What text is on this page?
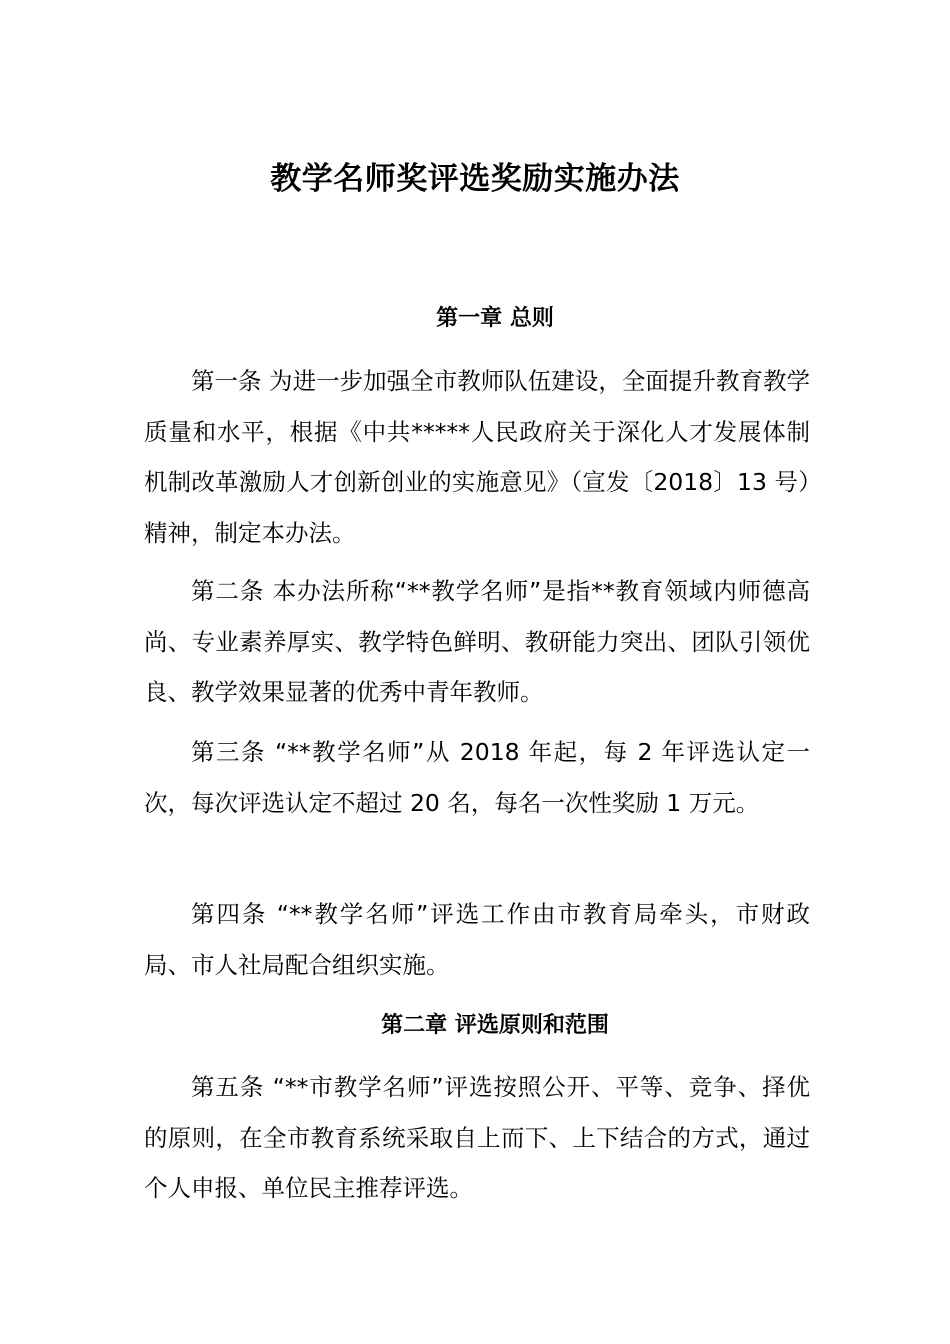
教学名师奖评选奖励实施办法
第一章 总则

第一条 为进一步加强全市教师队伍建设，全面提升教育教学质量和水平，根据《中共*****人民政府关于深化人才发展体制机制改革激励人才创新创业的实施意见》（宣发〔2018〕13 号）精神，制定本办法。

第二条 本办法所称“**教学名师”是指**教育领域内师德高尚、专业素养厚实、教学特色鲜明、教研能力突出、团队引领优良、教学效果显著的优秀中青年教师。

第三条 “**教学名师”从 2018 年起，每 2 年评选认定一次，每次评选认定不超过 20 名，每名一次性奖励 1 万元。

第四条 “**教学名师”评选工作由市教育局牵头，市财政局、市人社局配合组织实施。

第二章 评选原则和范围

第五条 “**市教学名师”评选按照公开、平等、竞争、择优的原则，在全市教育系统采取自上而下、上下结合的方式，通过个人申报、单位民主推荐评选。
